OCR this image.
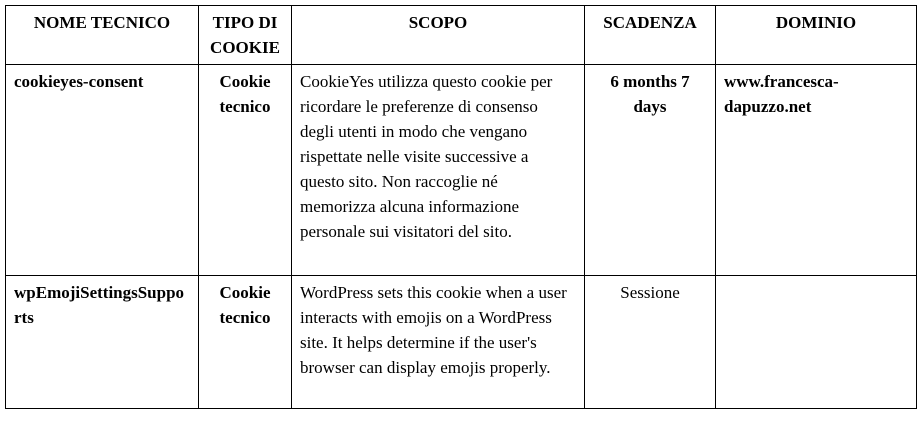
NOME TECNICO	TIPO DI COOKIE	SCOPO	SCADENZA	DOMINIO
cookieyes-consent	Cookie tecnico	CookieYes utilizza questo cookie per ricordare le preferenze di consenso degli utenti in modo che vengano rispettate nelle visite successive a questo sito. Non raccoglie né memorizza alcuna informazione personale sui visitatori del sito.	6 months 7 days	www.francesca-dapuzzo.net
wpEmojiSettingsSupports	Cookie tecnico	WordPress sets this cookie when a user interacts with emojis on a WordPress site. It helps determine if the user's browser can display emojis properly.	Sessione	
